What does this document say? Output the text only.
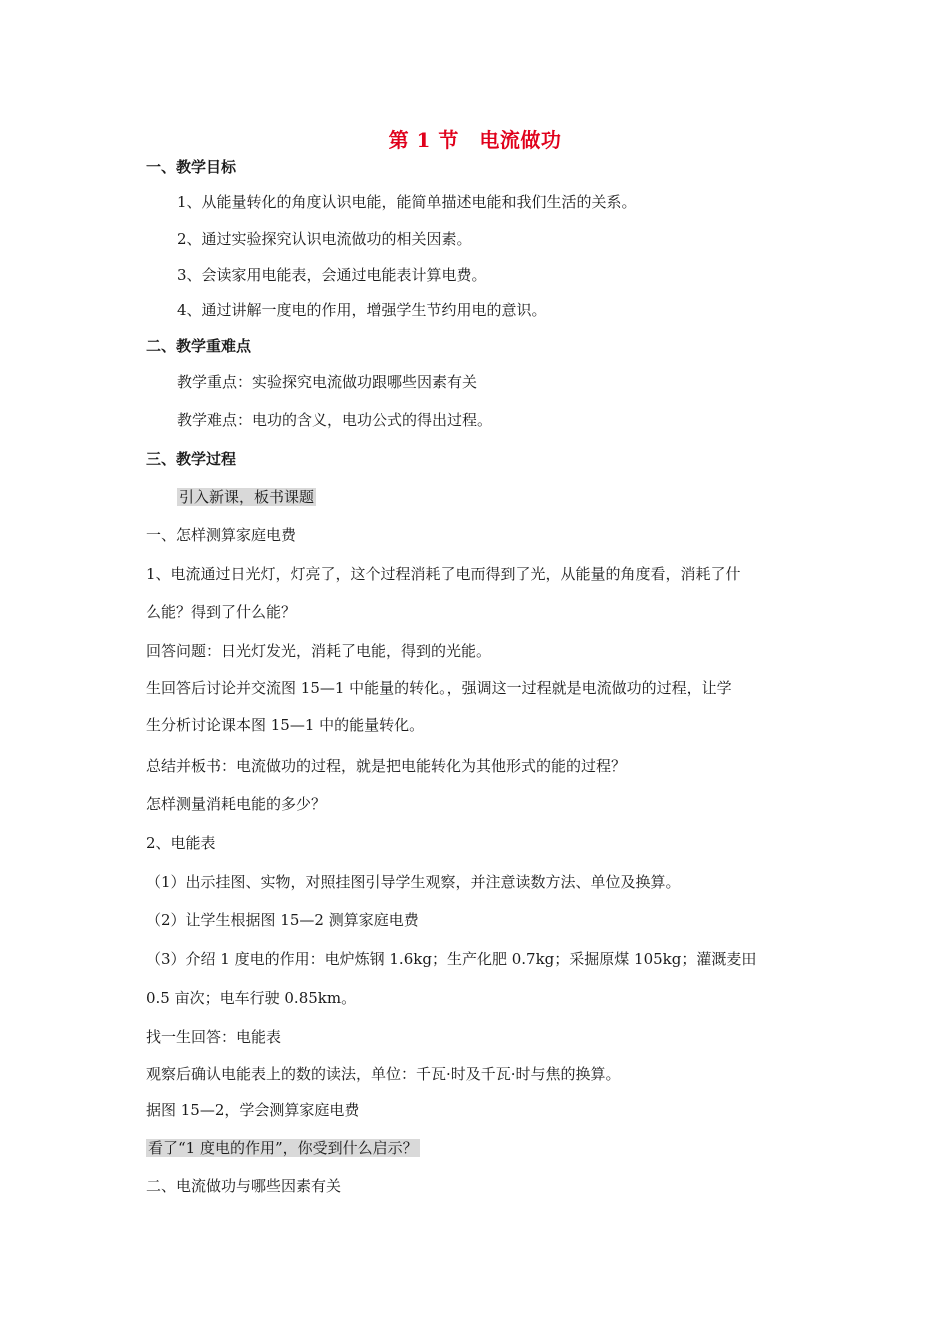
第 1 节　电流做功
一、教学目标
1、从能量转化的角度认识电能，能简单描述电能和我们生活的关系。
2、通过实验探究认识电流做功的相关因素。
3、会读家用电能表，会通过电能表计算电费。
4、通过讲解一度电的作用，增强学生节约用电的意识。
二、教学重难点
教学重点：实验探究电流做功跟哪些因素有关
教学难点：电功的含义，电功公式的得出过程。
三、教学过程
引入新课，板书课题
一、怎样测算家庭电费
1、电流通过日光灯，灯亮了，这个过程消耗了电而得到了光，从能量的角度看，消耗了什
么能？得到了什么能？
回答问题：日光灯发光，消耗了电能，得到的光能。
生回答后讨论并交流图 15—1 中能量的转化。，强调这一过程就是电流做功的过程，让学
生分析讨论课本图 15—1 中的能量转化。
总结并板书：电流做功的过程，就是把电能转化为其他形式的能的过程？
怎样测量消耗电能的多少？
2、电能表
（1）出示挂图、实物，对照挂图引导学生观察，并注意读数方法、单位及换算。
（2）让学生根据图 15—2 测算家庭电费
（3）介绍 1 度电的作用：电炉炼钢 1.6kg；生产化肥 0.7kg；采掘原煤 105kg；灌溉麦田
0.5 亩次；电车行驶 0.85km。
找一生回答：电能表
观察后确认电能表上的数的读法，单位：千瓦·时及千瓦·时与焦的换算。
据图 15—2，学会测算家庭电费
看了“1 度电的作用”，你受到什么启示？
二、电流做功与哪些因素有关
